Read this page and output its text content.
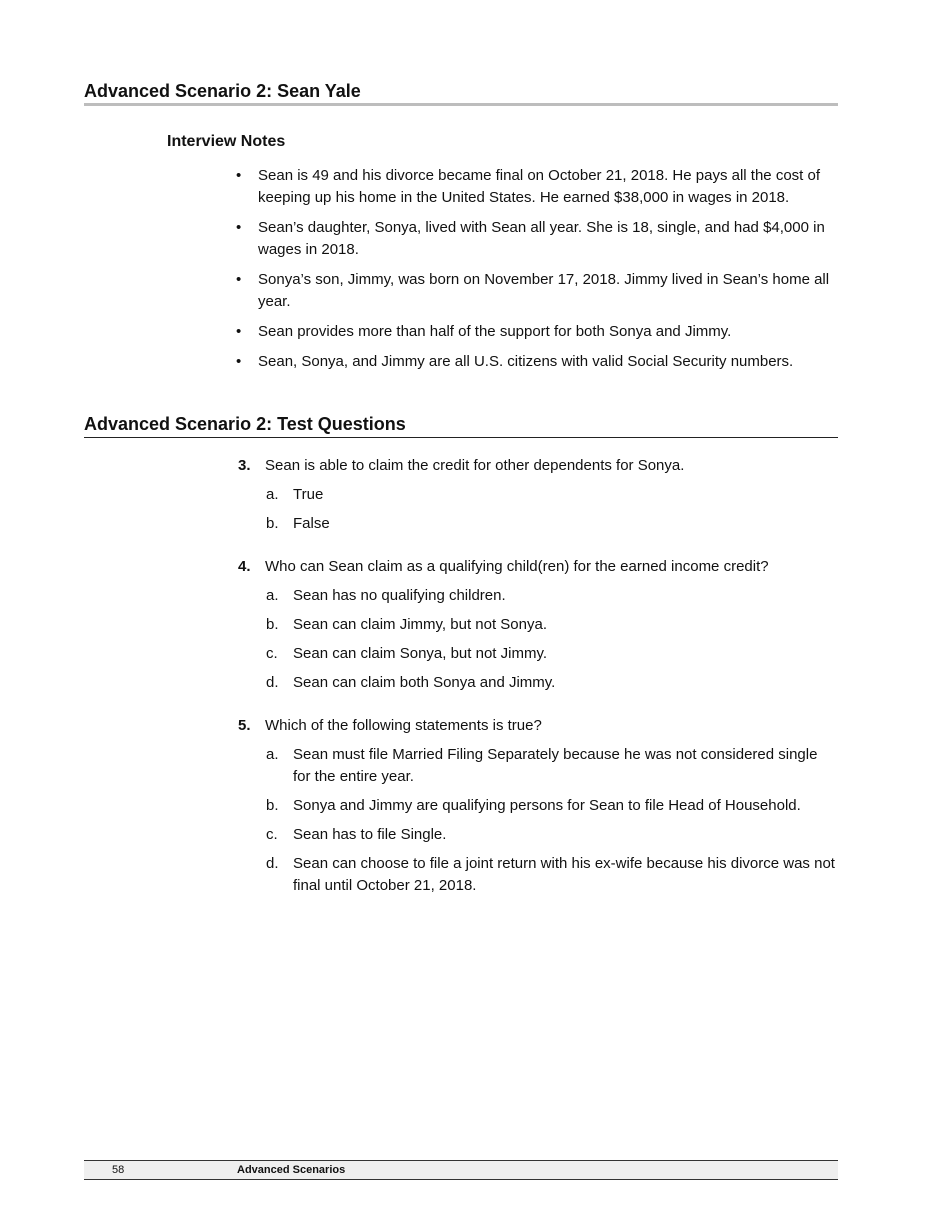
Advanced Scenario 2: Sean Yale
Interview Notes
•	Sean is 49 and his divorce became final on October 21, 2018. He pays all the cost of keeping up his home in the United States. He earned $38,000 in wages in 2018.
•	Sean’s daughter, Sonya, lived with Sean all year. She is 18, single, and had $4,000 in wages in 2018.
•	Sonya’s son, Jimmy, was born on November 17, 2018. Jimmy lived in Sean’s home all year.
•	Sean provides more than half of the support for both Sonya and Jimmy.
•	Sean, Sonya, and Jimmy are all U.S. citizens with valid Social Security numbers.
Advanced Scenario 2: Test Questions
3. Sean is able to claim the credit for other dependents for Sonya.
a. True
b. False
4. Who can Sean claim as a qualifying child(ren) for the earned income credit?
a. Sean has no qualifying children.
b. Sean can claim Jimmy, but not Sonya.
c. Sean can claim Sonya, but not Jimmy.
d. Sean can claim both Sonya and Jimmy.
5. Which of the following statements is true?
a. Sean must file Married Filing Separately because he was not considered single for the entire year.
b. Sonya and Jimmy are qualifying persons for Sean to file Head of Household.
c. Sean has to file Single.
d. Sean can choose to file a joint return with his ex-wife because his divorce was not final until October 21, 2018.
58	Advanced Scenarios
